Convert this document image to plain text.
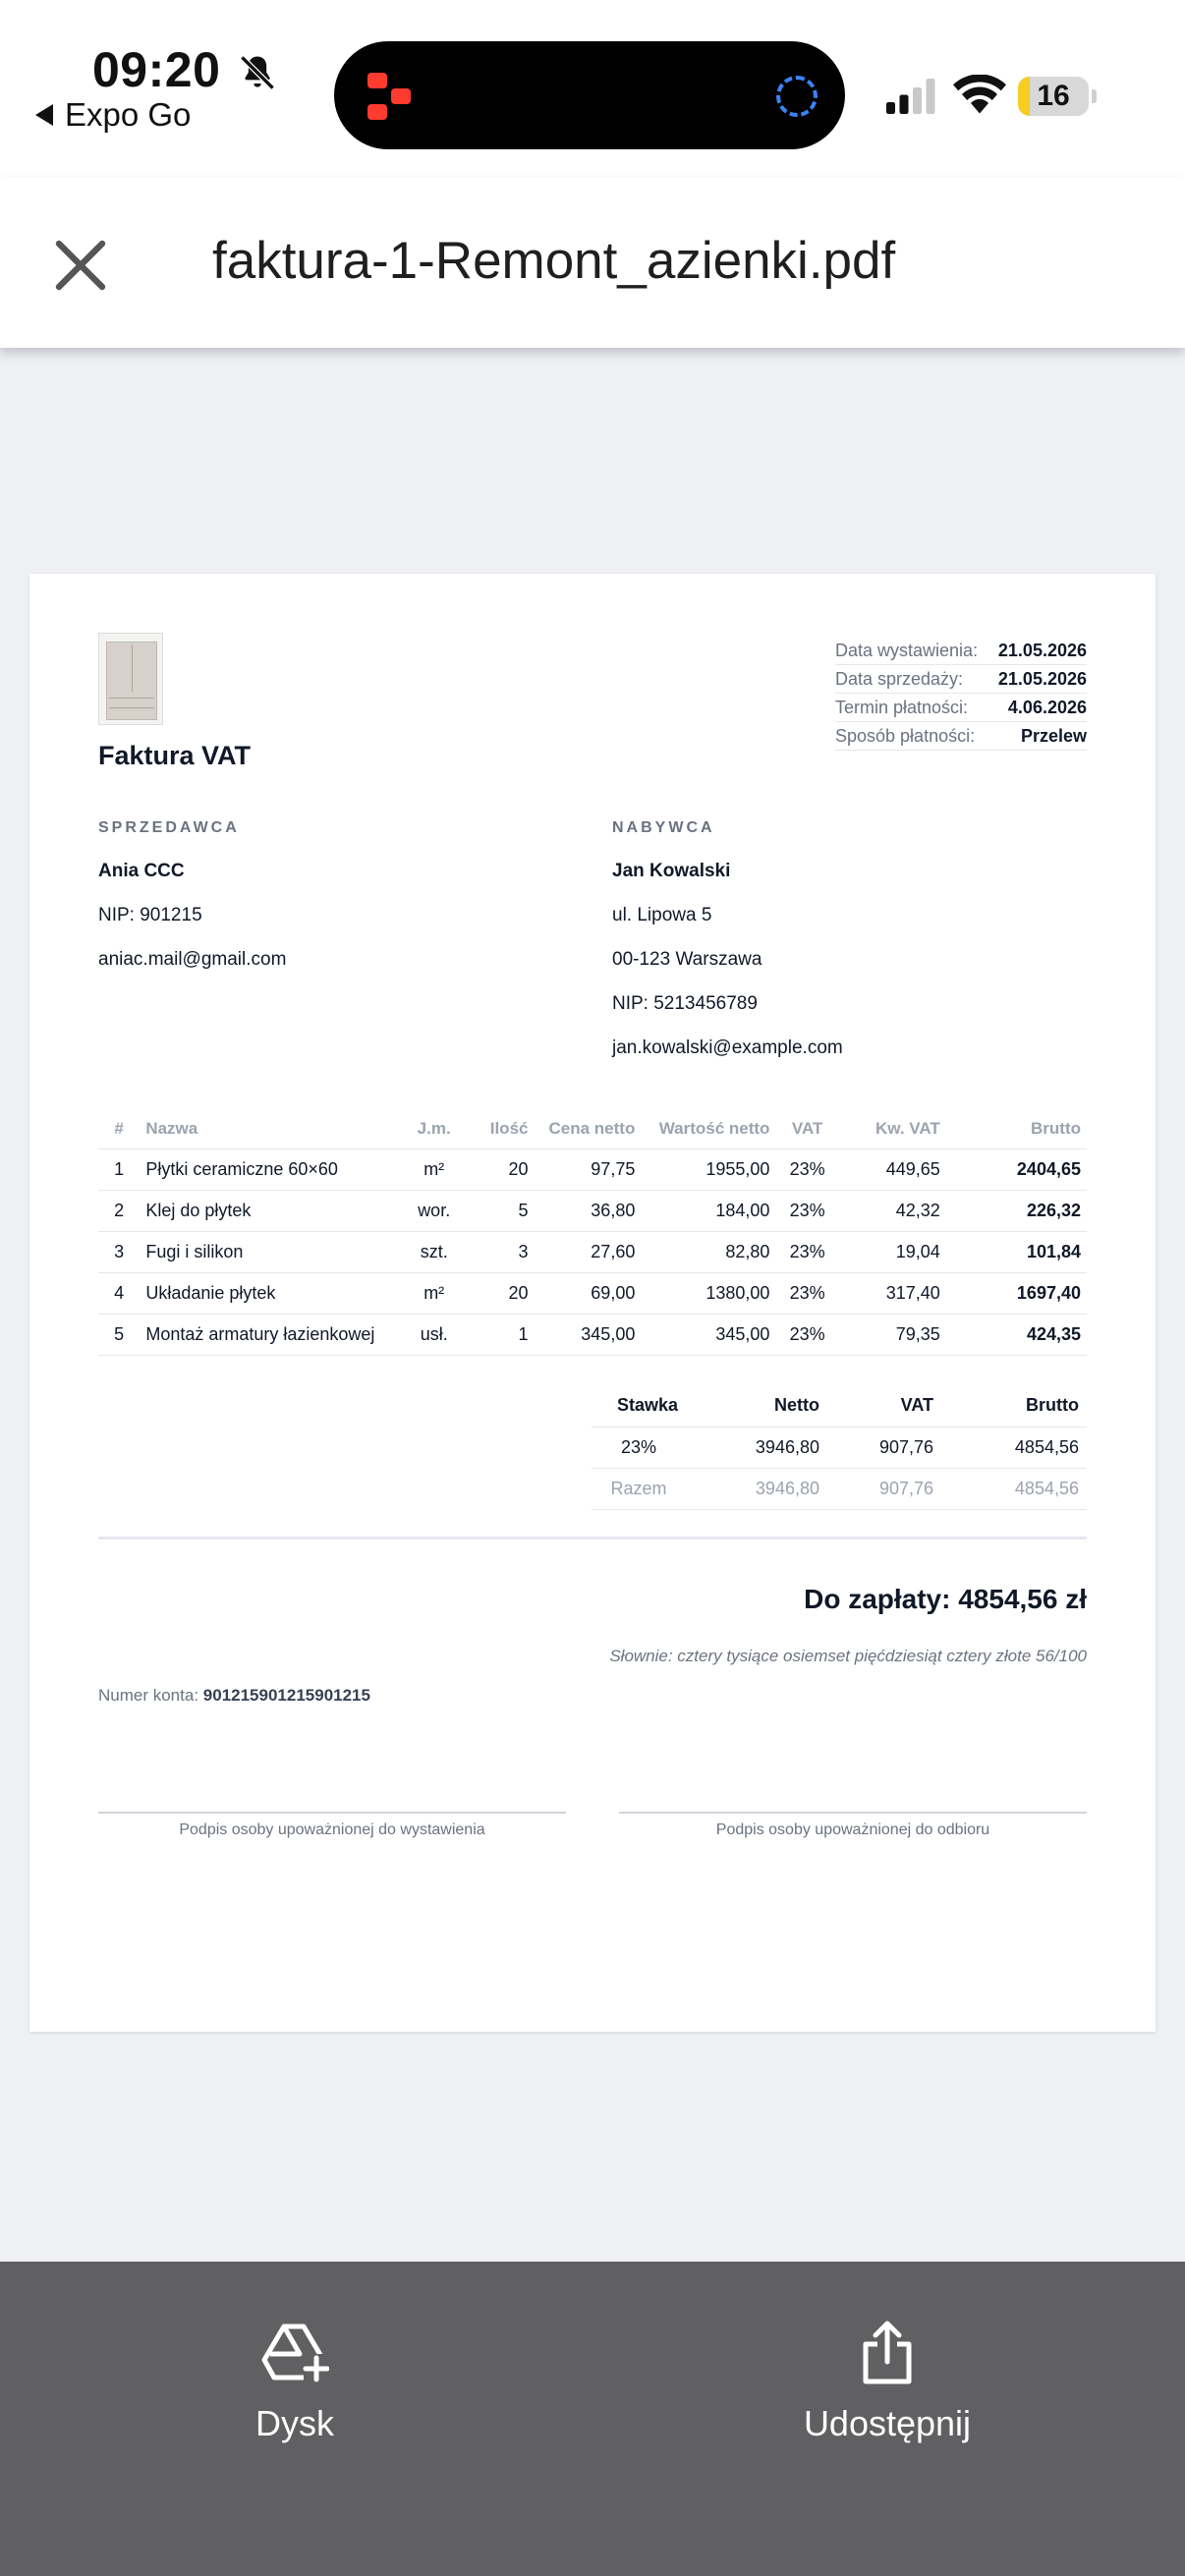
09:20
Expo Go
16
faktura-1-Remont_azienki.pdf
Faktura VAT
Data wystawienia: 21.05.2026
Data sprzedaży: 21.05.2026
Termin płatności: 4.06.2026
Sposób płatności:	Przelew
SPRZEDAWCA
Ania CCC
NIP: 901215
aniac.mail@gmail.com
NABYWCA
Jan Kowalski
ul. Lipowa 5
00-123 Warszawa
NIP: 5213456789
jan.kowalski@example.com
#	Nazwa	J.m.	Ilość	Cena netto	Wartość netto	VAT	Kw. VAT	Brutto
1	Płytki ceramiczne 60×60	m²	20	97,75	1955,00	23%	449,65	2404,65
2	Klej do płytek	wor.	5	36,80	184,00	23%	42,32	226,32
3	Fugi i silikon	szt.	3	27,60	82,80	23%	19,04	101,84
4	Układanie płytek	m²	20	69,00	1380,00	23%	317,40	1697,40
5	Montaż armatury łazienkowej	usł.	1	345,00	345,00	23%	79,35	424,35
Stawka	Netto	VAT	Brutto
23%	3946,80	907,76	4854,56
Razem	3946,80	907,76	4854,56
Do zapłaty: 4854,56 zł
Słownie: cztery tysiące osiemset pięćdziesiąt cztery złote 56/100
Numer konta: 901215901215901215
Podpis osoby upoważnionej do wystawienia	Podpis osoby upoważnionej do odbioru
Dysk	Udostępnij
